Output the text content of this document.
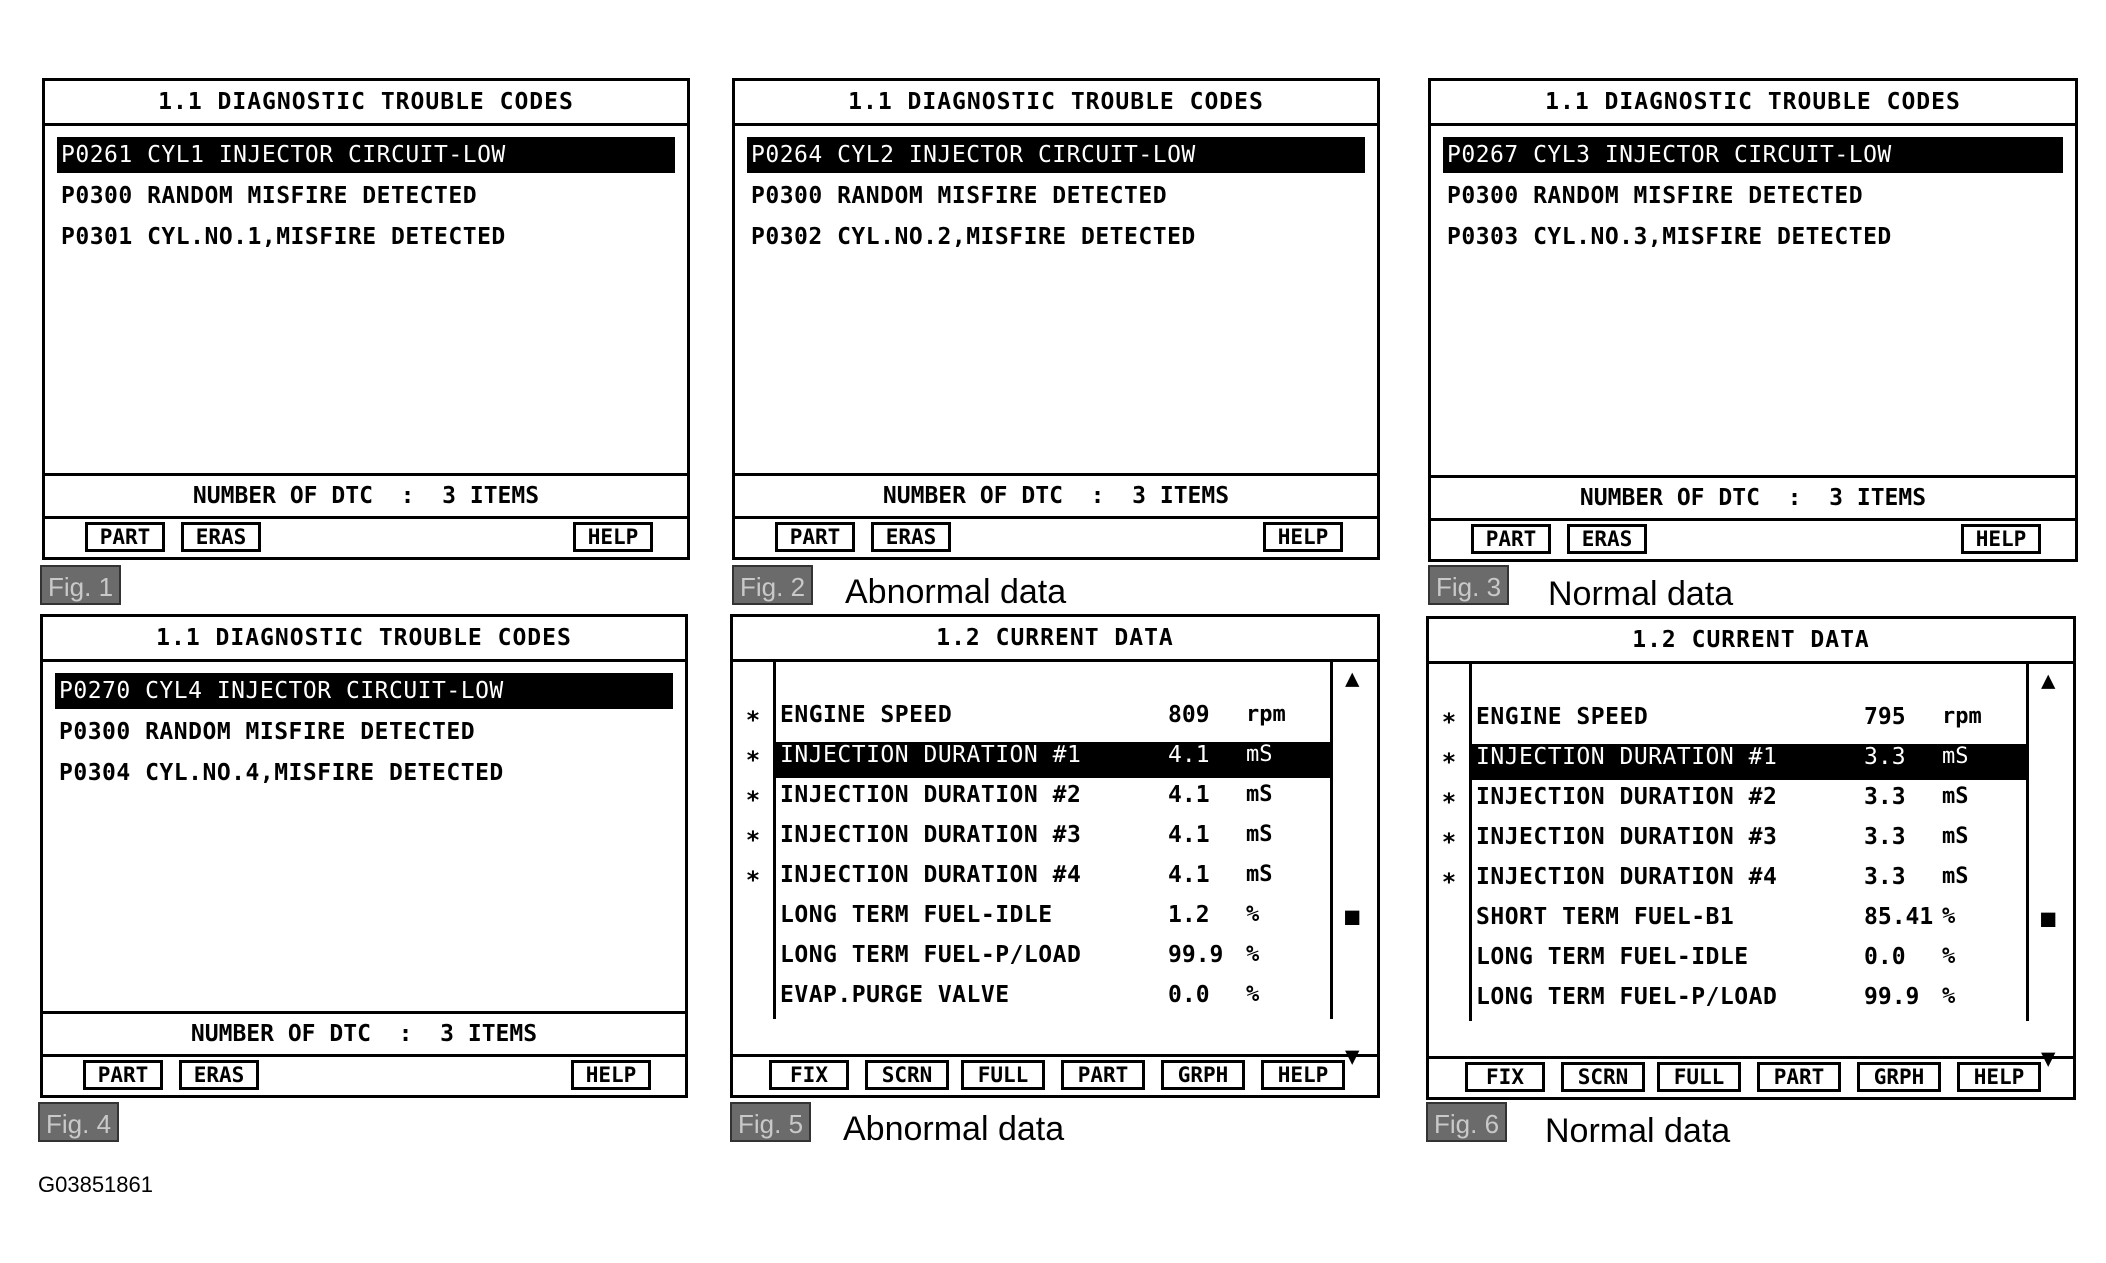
1.1 DIAGNOSTIC TROUBLE CODES
P0261 CYL1 INJECTOR CIRCUIT-LOW
P0300 RANDOM MISFIRE DETECTED
P0301 CYL.NO.1,MISFIRE DETECTED
NUMBER OF DTC  :  3 ITEMS
PART	ERAS	HELP
Fig. 1
1.1 DIAGNOSTIC TROUBLE CODES
P0264 CYL2 INJECTOR CIRCUIT-LOW
P0300 RANDOM MISFIRE DETECTED
P0302 CYL.NO.2,MISFIRE DETECTED
NUMBER OF DTC  :  3 ITEMS
PART	ERAS	HELP
Fig. 2 Abnormal data
1.1 DIAGNOSTIC TROUBLE CODES
P0267 CYL3 INJECTOR CIRCUIT-LOW
P0300 RANDOM MISFIRE DETECTED
P0303 CYL.NO.3,MISFIRE DETECTED
NUMBER OF DTC  :  3 ITEMS
PART	ERAS	HELP
Fig. 3 Normal data
1.1 DIAGNOSTIC TROUBLE CODES
P0270 CYL4 INJECTOR CIRCUIT-LOW
P0300 RANDOM MISFIRE DETECTED
P0304 CYL.NO.4,MISFIRE DETECTED
NUMBER OF DTC  :  3 ITEMS
PART	ERAS	HELP
Fig. 4
1.2 CURRENT DATA
▲
■
▼
* ENGINE SPEED	809 rpm
* INJECTION DURATION #1	4.1 mS
* INJECTION DURATION #2	4.1 mS
* INJECTION DURATION #3	4.1 mS
* INJECTION DURATION #4	4.1 mS
LONG TERM FUEL-IDLE	1.2 %
LONG TERM FUEL-P/LOAD	99.9 %
EVAP.PURGE VALVE	0.0 %
FIX	SCRN	FULL	PART	GRPH	HELP
Fig. 5 Abnormal data
1.2 CURRENT DATA
▲
■
▼
* ENGINE SPEED	795 rpm
* INJECTION DURATION #1	3.3 mS
* INJECTION DURATION #2	3.3 mS
* INJECTION DURATION #3	3.3 mS
* INJECTION DURATION #4	3.3 mS
SHORT TERM FUEL-B1	85.41 %
LONG TERM FUEL-IDLE	0.0 %
LONG TERM FUEL-P/LOAD	99.9 %
FIX	SCRN	FULL	PART	GRPH	HELP
Fig. 6 Normal data
G03851861
